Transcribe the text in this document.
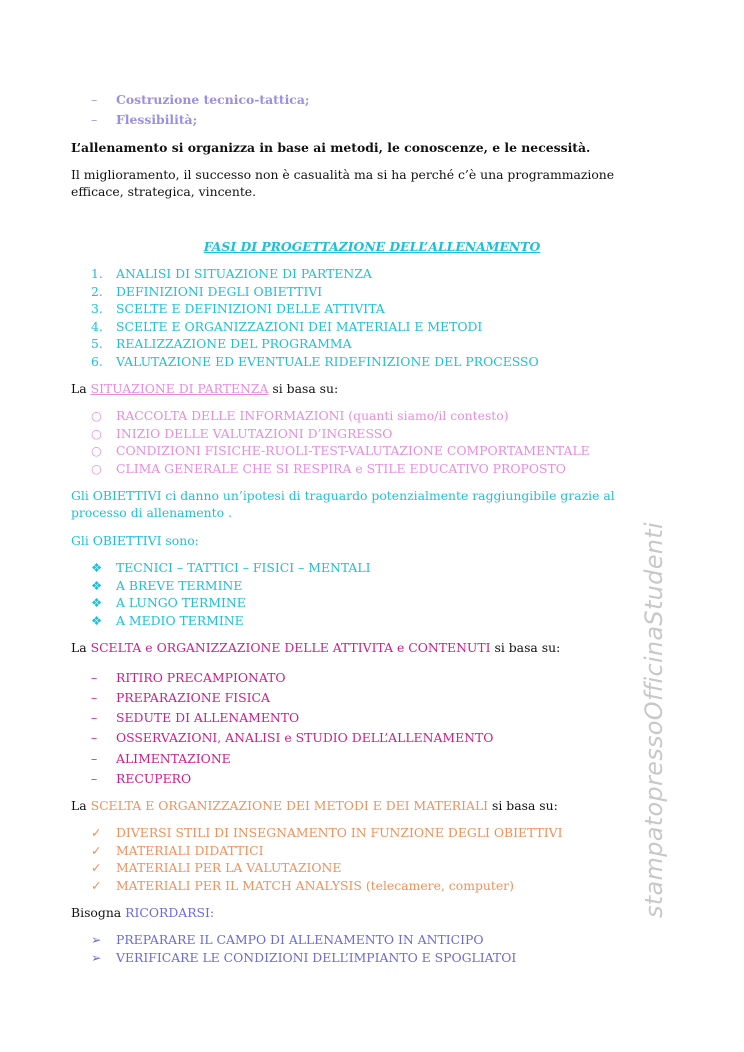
–	Costruzione tecnico-tattica;
–	Flessibilità;
L’allenamento si organizza in base ai metodi, le conoscenze, e le necessità.
Il miglioramento, il successo non è casualità ma si ha perché c’è una programmazione efficace, strategica, vincente.
FASI DI PROGETTAZIONE DELL’ALLENAMENTO
1.	ANALISI DI SITUAZIONE DI PARTENZA
2.	DEFINIZIONI DEGLI OBIETTIVI
3.	SCELTE E DEFINIZIONI DELLE ATTIVITA
4.	SCELTE E ORGANIZZAZIONI DEI MATERIALI E METODI
5.	REALIZZAZIONE DEL PROGRAMMA
6.	VALUTAZIONE ED EVENTUALE RIDEFINIZIONE DEL PROCESSO
La SITUAZIONE DI PARTENZA si basa su:
○	RACCOLTA DELLE INFORMAZIONI (quanti siamo/il contesto)
○	INIZIO DELLE VALUTAZIONI D’INGRESSO
○	CONDIZIONI FISICHE-RUOLI-TEST-VALUTAZIONE COMPORTAMENTALE
○	CLIMA GENERALE CHE SI RESPIRA e STILE EDUCATIVO PROPOSTO
Gli OBIETTIVI ci danno un’ipotesi di traguardo potenzialmente raggiungibile grazie al processo di allenamento .
Gli OBIETTIVI sono:
❖	TECNICI – TATTICI – FISICI – MENTALI
❖	A BREVE TERMINE
❖	A LUNGO TERMINE
❖	A MEDIO TERMINE
La SCELTA e ORGANIZZAZIONE DELLE ATTIVITA e CONTENUTI si basa su:
–	RITIRO PRECAMPIONATO
–	PREPARAZIONE FISICA
–	SEDUTE DI ALLENAMENTO
–	OSSERVAZIONI, ANALISI e STUDIO DELL’ALLENAMENTO
–	ALIMENTAZIONE
–	RECUPERO
La SCELTA E ORGANIZZAZIONE DEI METODI E DEI MATERIALI si basa su:
✓	DIVERSI STILI DI INSEGNAMENTO IN FUNZIONE DEGLI OBIETTIVI
✓	MATERIALI DIDATTICI
✓	MATERIALI PER LA VALUTAZIONE
✓	MATERIALI PER IL MATCH ANALYSIS (telecamere, computer)
Bisogna RICORDARSI:
➢	PREPARARE IL CAMPO DI ALLENAMENTO IN ANTICIPO
➢	VERIFICARE LE CONDIZIONI DELL’IMPIANTO E SPOGLIATOI
stampatopressoOfficinaStudenti
